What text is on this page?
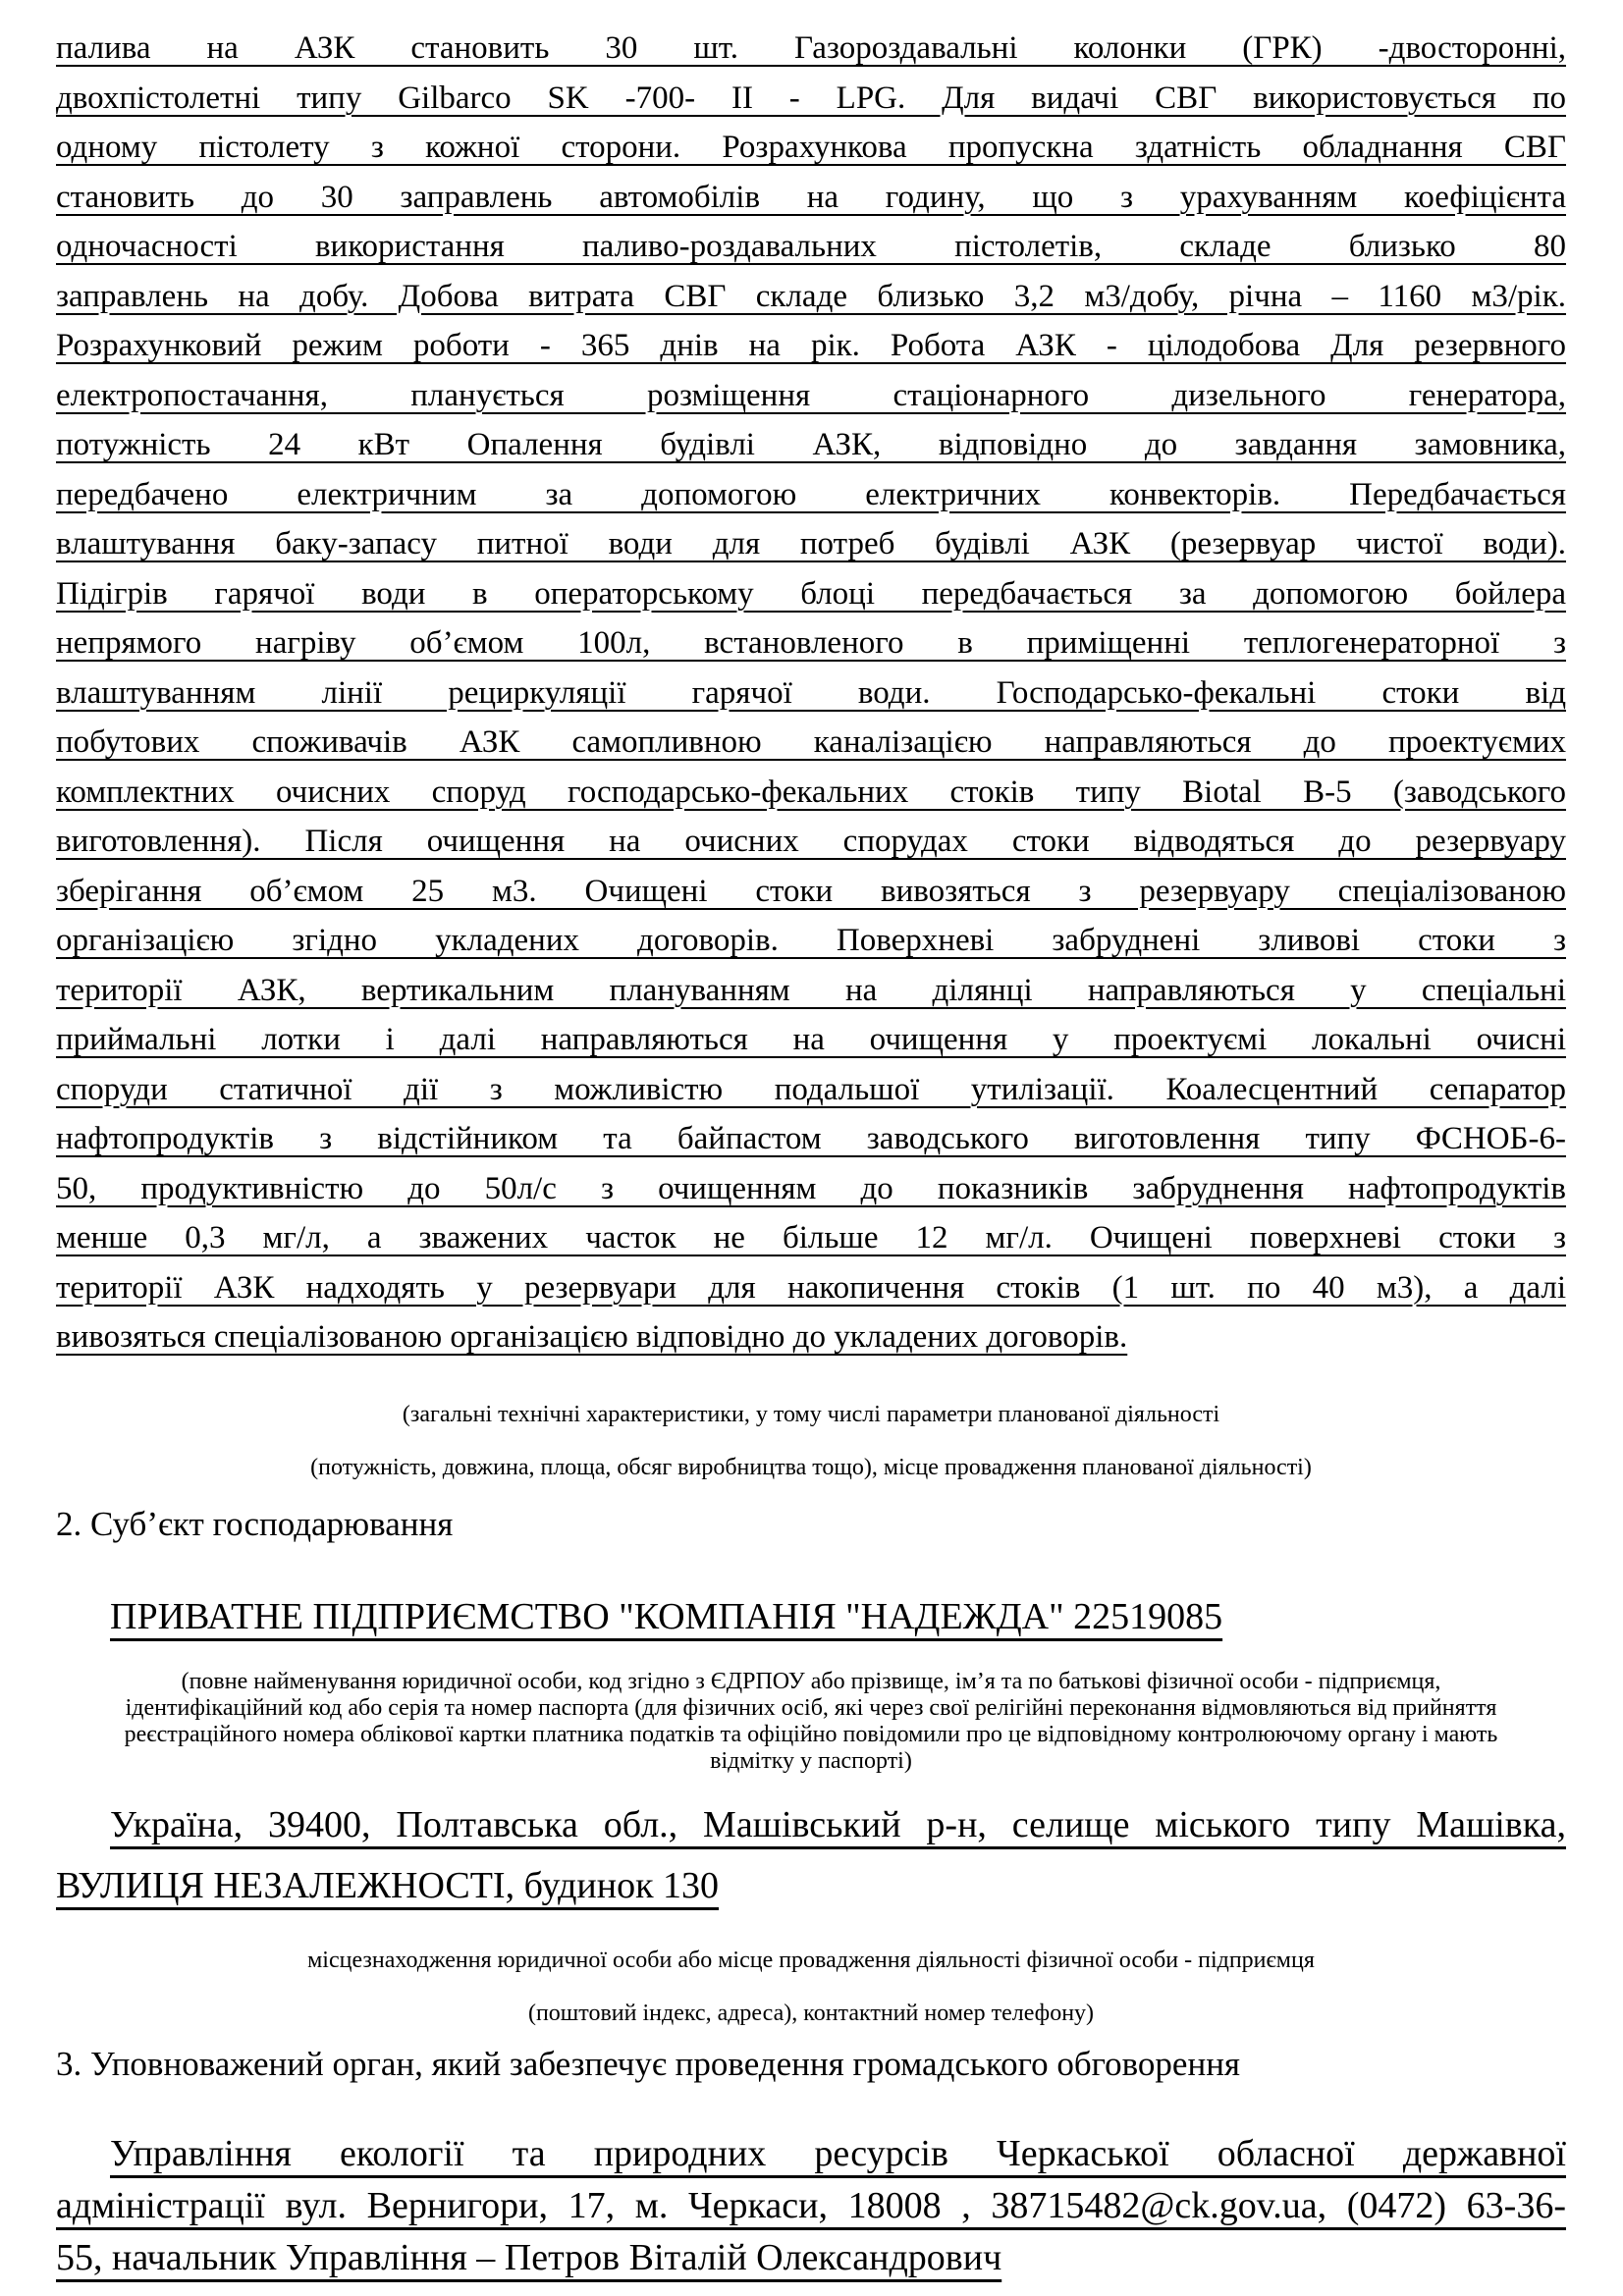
палива на АЗК становить 30 шт. Газороздавальні колонки (ГРК) -двосторонні,
двохпістолетні типу Gilbarco SK -700- II - LPG. Для видачі СВГ використовується по
одному пістолету з кожної сторони. Розрахункова пропускна здатність обладнання СВГ
становить до 30 заправлень автомобілів на годину, що з урахуванням коефіцієнта
одночасності використання паливо-роздавальних пістолетів, складе близько 80
заправлень на добу. Добова витрата СВГ складе близько 3,2 м3/добу, річна – 1160 м3/рік.
Розрахунковий режим роботи - 365 днів на рік. Робота АЗК - цілодобова Для резервного
електропостачання, планується розміщення стаціонарного дизельного генератора,
потужність 24 кВт Опалення будівлі АЗК, відповідно до завдання замовника,
передбачено електричним за допомогою електричних конвекторів. Передбачається
влаштування баку-запасу питної води для потреб будівлі АЗК (резервуар чистої води).
Підігрів гарячої води в операторському блоці передбачається за допомогою бойлера
непрямого нагріву об’ємом 100л, встановленого в приміщенні теплогенераторної з
влаштуванням лінії рециркуляції гарячої води. Господарсько-фекальні стоки від
побутових споживачів АЗК самопливною каналізацією направляються до проектуємих
комплектних очисних споруд господарсько-фекальних стоків типу Biotal B-5 (заводського
виготовлення). Після очищення на очисних спорудах стоки відводяться до резервуару
зберігання об’ємом 25 м3. Очищені стоки вивозяться з резервуару спеціалізованою
організацією згідно укладених договорів. Поверхневі забруднені зливові стоки з
території АЗК, вертикальним плануванням на ділянці направляються у спеціальні
приймальні лотки і далі направляються на очищення у проектуємі локальні очисні
споруди статичної дії з можливістю подальшої утилізації. Коалесцентний сепаратор
нафтопродуктів з відстійником та байпастом заводського виготовлення типу ФСНОБ-6-
50, продуктивністю до 50л/с з очищенням до показників забруднення нафтопродуктів
менше 0,3 мг/л, а зважених часток не більше 12 мг/л. Очищені поверхневі стоки з
території АЗК надходять у резервуари для накопичення стоків (1 шт. по 40 м3), а далі
вивозяться спеціалізованою організацією відповідно до укладених договорів.
(загальні технічні характеристики, у тому числі параметри планованої діяльності
(потужність, довжина, площа, обсяг виробництва тощо), місце провадження планованої діяльності)
2. Суб’єкт господарювання
ПРИВАТНЕ ПІДПРИЄМСТВО "КОМПАНІЯ "НАДЕЖДА" 22519085
(повне найменування юридичної особи, код згідно з ЄДРПОУ або прізвище, ім’я та по батькові фізичної особи - підприємця,
ідентифікаційний код або серія та номер паспорта (для фізичних осіб, які через свої релігійні переконання відмовляються від прийняття
реєстраційного номера облікової картки платника податків та офіційно повідомили про це відповідному контролюючому органу і мають
відмітку у паспорті)
Україна, 39400, Полтавська обл., Машівський р-н, селище міського типу Машівка,
ВУЛИЦЯ НЕЗАЛЕЖНОСТІ, будинок 130
місцезнаходження юридичної особи або місце провадження діяльності фізичної особи - підприємця
(поштовий індекс, адреса), контактний номер телефону)
3. Уповноважений орган, який забезпечує проведення громадського обговорення
Управління екології та природних ресурсів Черкаської обласної державної
адміністрації вул. Вернигори, 17, м. Черкаси, 18008 , 38715482@ck.gov.ua, (0472) 63-36-
55, начальник Управління – Петров Віталій Олександрович
